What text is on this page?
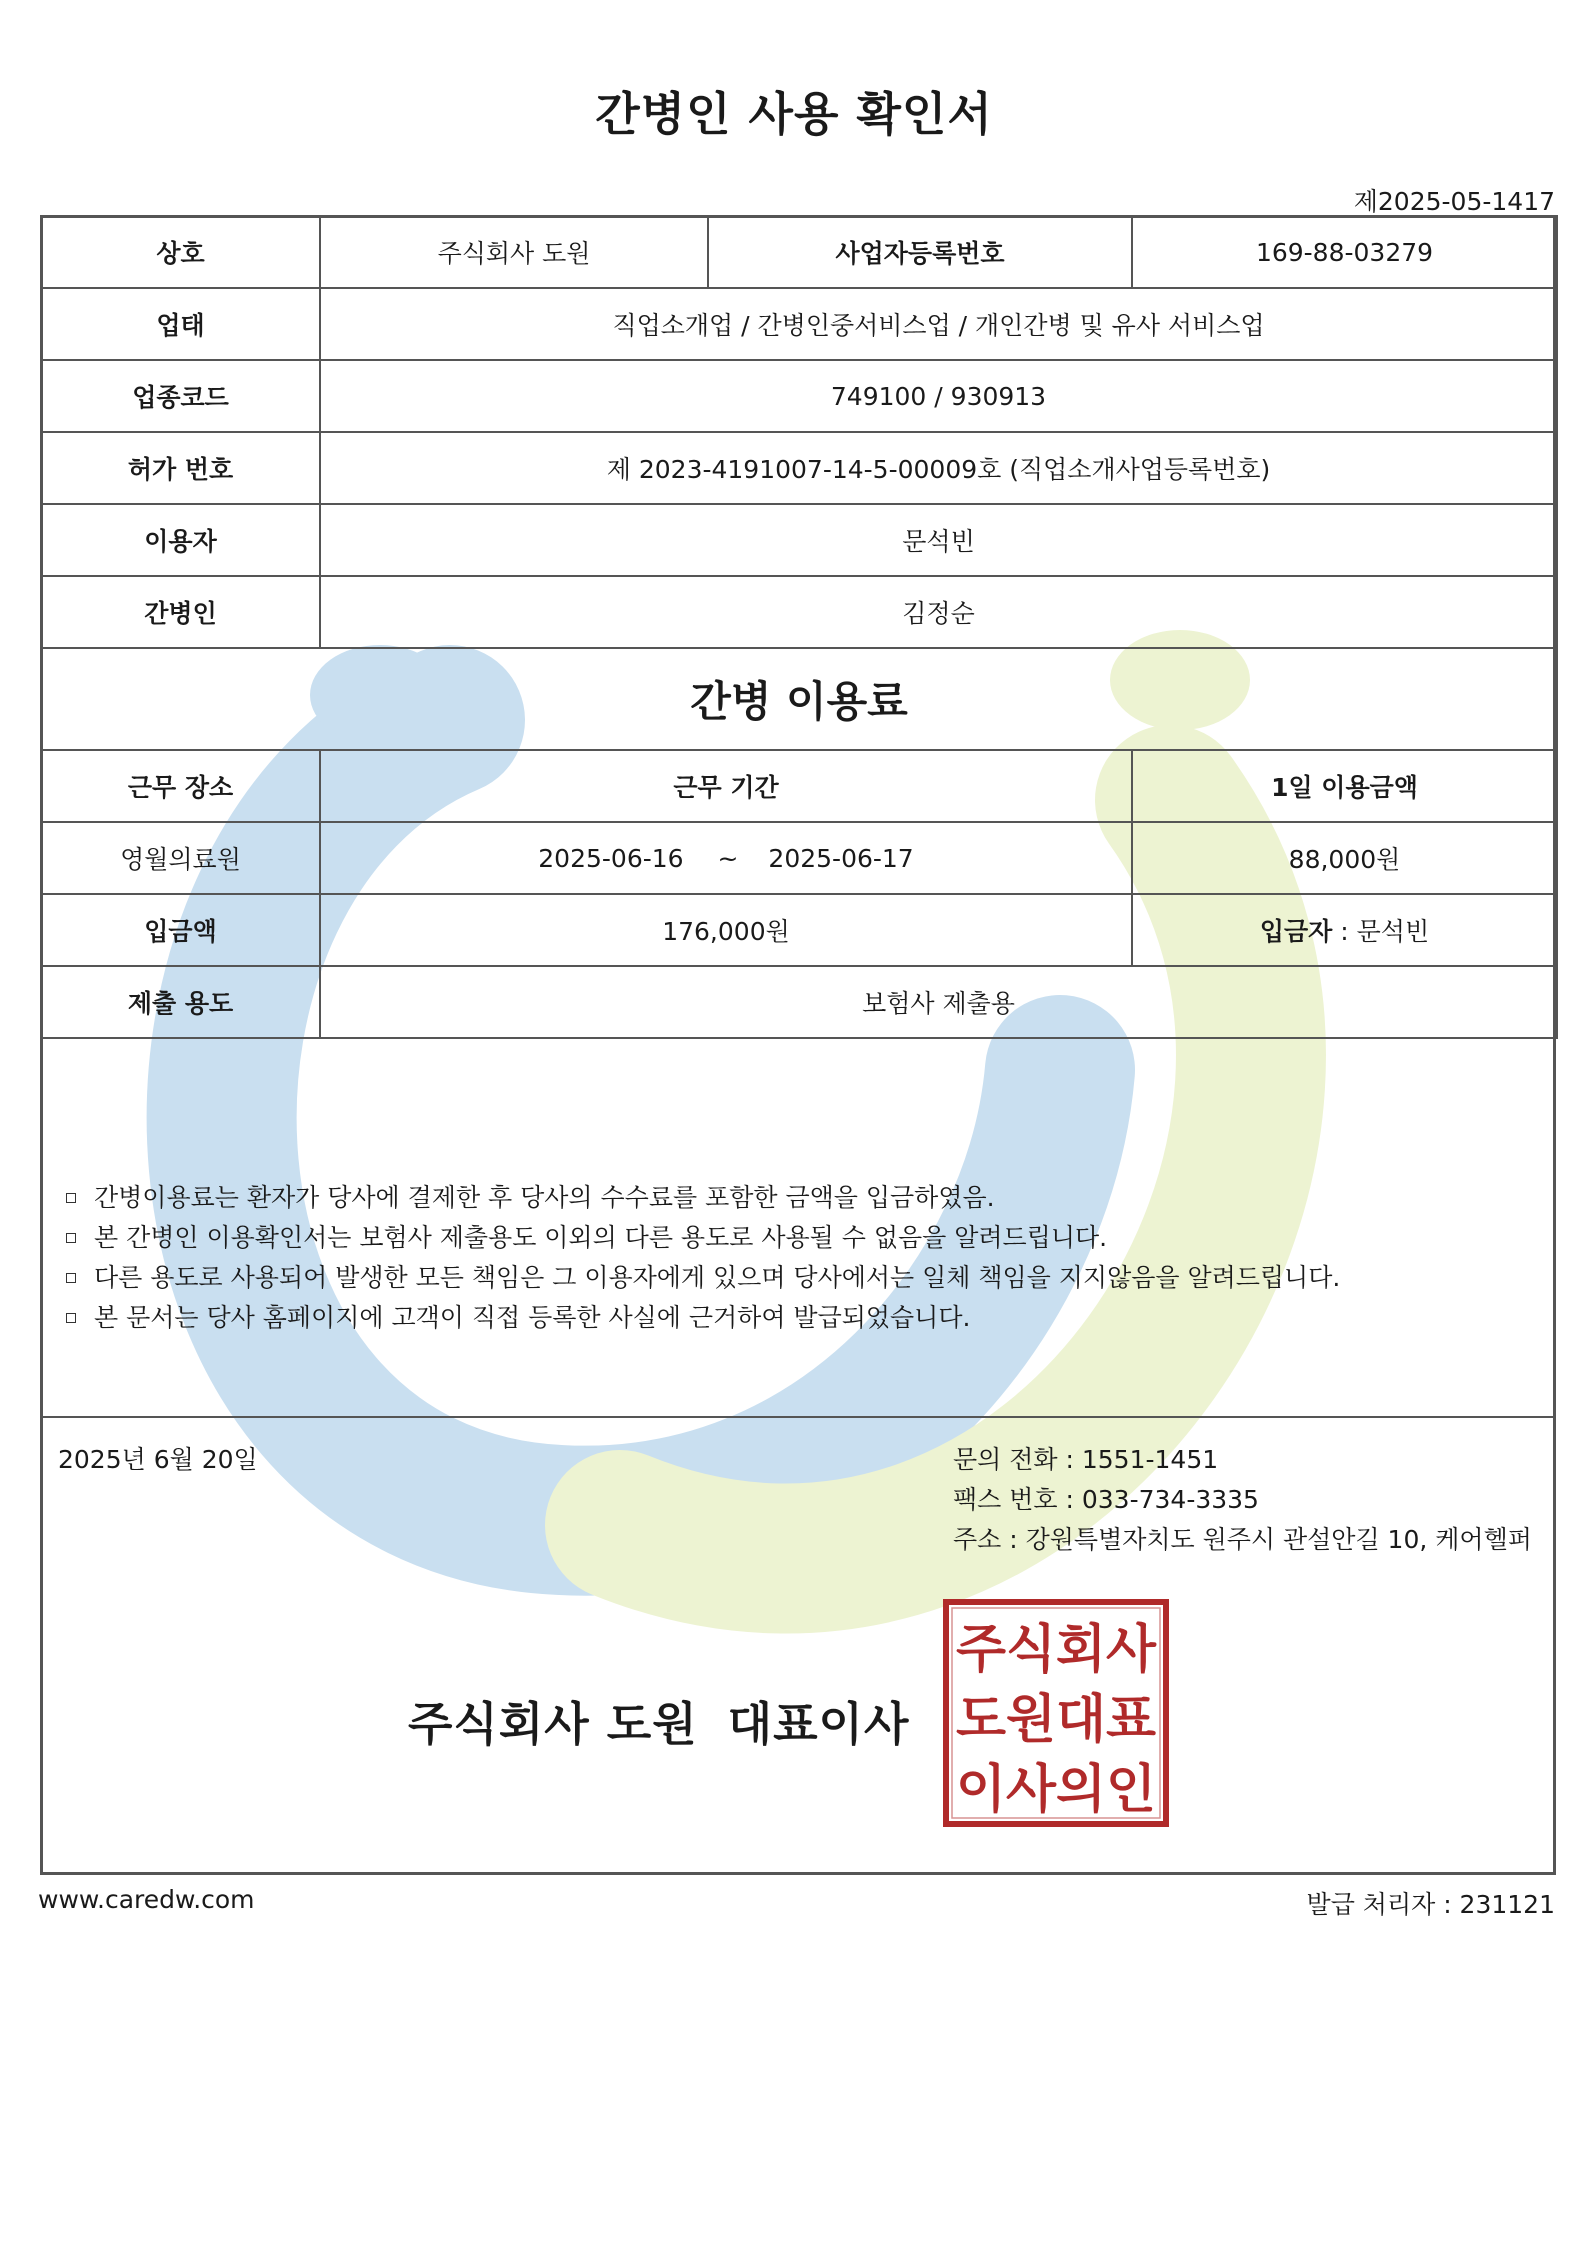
간병인 사용 확인서
제2025-05-1417
상호	주식회사 도원	사업자등록번호	169-88-03279
업태	직업소개업 / 간병인중서비스업 / 개인간병 및 유사 서비스업		
업종코드	749100 / 930913		
허가 번호	제 2023-4191007-14-5-00009호 (직업소개사업등록번호)		
이용자	문석빈		
간병인	김정순		
간병 이용료			
근무 장소	근무 기간		1일 이용금액
영월의료원	2025-06-16 ~ 2025-06-17		88,000원
입금액	176,000원		입금자 : 문석빈
제출 용도	보험사 제출용		
간병이용료는 환자가 당사에 결제한 후 당사의 수수료를 포함한 금액을 입금하였음.
본 간병인 이용확인서는 보험사 제출용도 이외의 다른 용도로 사용될 수 없음을 알려드립니다.
다른 용도로 사용되어 발생한 모든 책임은 그 이용자에게 있으며 당사에서는 일체 책임을 지지않음을 알려드립니다.
본 문서는 당사 홈페이지에 고객이 직접 등록한 사실에 근거하여 발급되었습니다.
2025년 6월 20일	문의 전화 : 1551-1451
팩스 번호 : 033-734-3335
주소 : 강원특별자치도 원주시 관설안길 10, 케어헬퍼
주식회사 도원 대표이사
주식회사
도원대표
이사의인
www.caredw.com	발급 처리자 : 231121
